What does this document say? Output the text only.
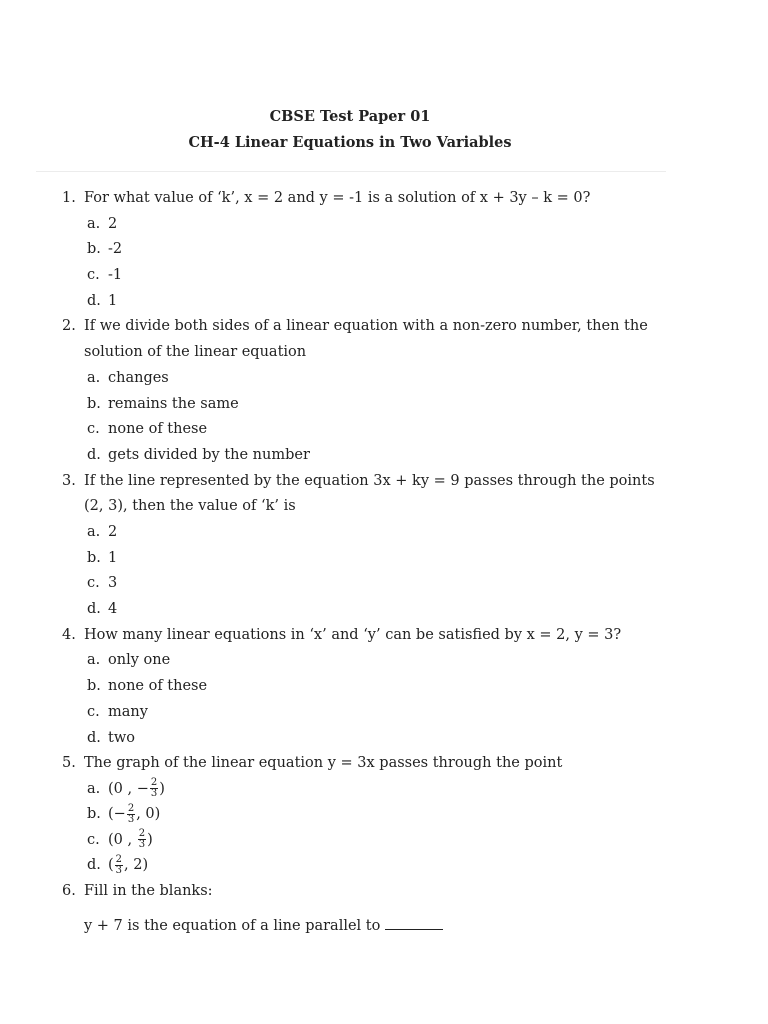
CBSE Test Paper 01

CH-4 Linear Equations in Two Variables

1. For what value of ‘k’, x = 2 and y = -1 is a solution of x + 3y – k = 0?
a. 2
b. -2
c. -1
d. 1
2. If we divide both sides of a linear equation with a non-zero number, then the solution of the linear equation
a. changes
b. remains the same
c. none of these
d. gets divided by the number
3. If the line represented by the equation 3x + ky = 9 passes through the points (2, 3), then the value of ‘k’ is
a. 2
b. 1
c. 3
d. 4
4. How many linear equations in ‘x’ and ‘y’ can be satisfied by x = 2, y = 3?
a. only one
b. none of these
c. many
d. two
5. The graph of the linear equation y = 3x passes through the point
a. (0 , − $\frac{2}{3}$ )
b. (− $\frac{2}{3}$ , 0)
c. (0 , $\frac{2}{3}$ )
d. ( $\frac{2}{3}$ , 2)
6. Fill in the blanks:
y + 7 is the equation of a line parallel to
